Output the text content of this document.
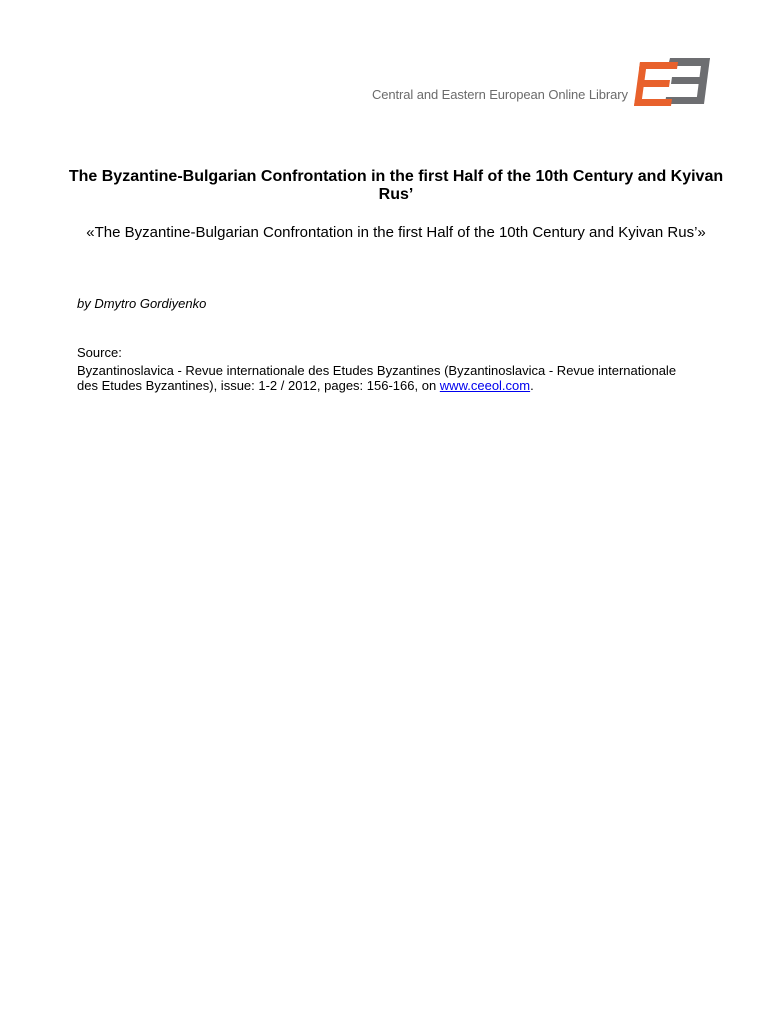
Central and Eastern European Online Library

The Byzantine-Bulgarian Confrontation in the first Half of the 10th Century and Kyivan Rus’

«The Byzantine-Bulgarian Confrontation in the first Half of the 10th Century and Kyivan Rus’»

by Dmytro Gordiyenko

Source:

Byzantinoslavica - Revue internationale des Etudes Byzantines (Byzantinoslavica - Revue internationale des Etudes Byzantines), issue: 1-2 / 2012, pages: 156-166, on www.ceeol.com.
